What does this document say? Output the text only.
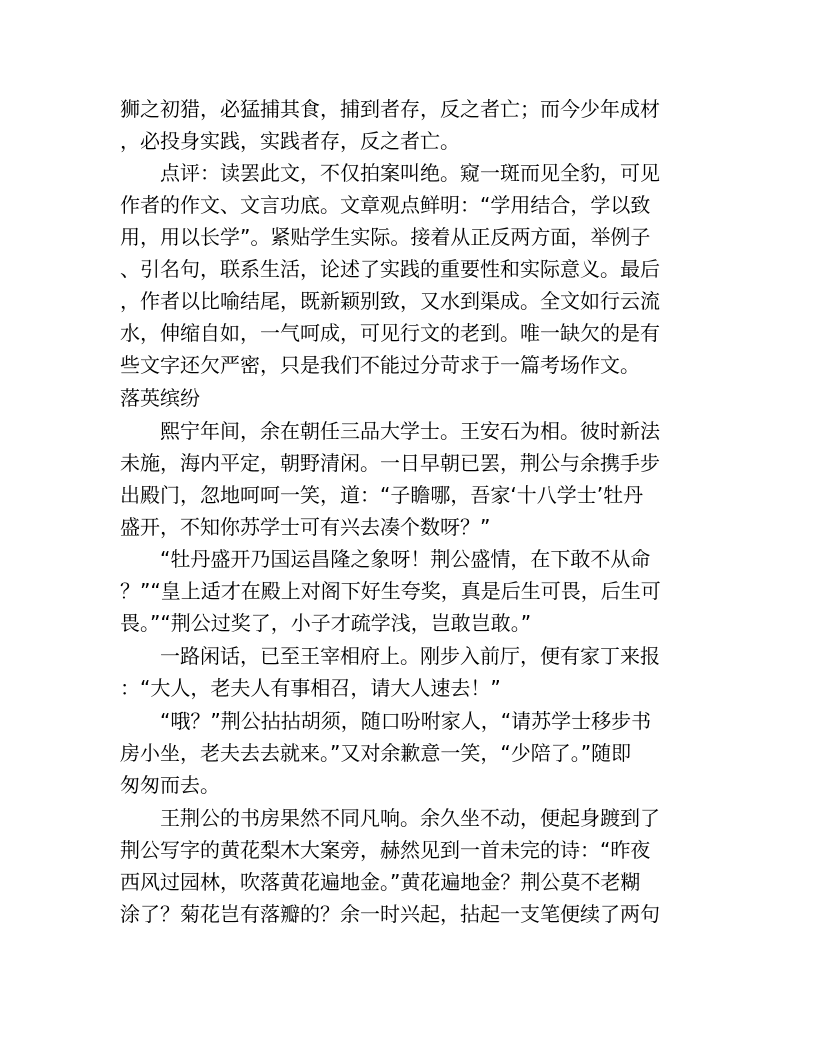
狮之初猎，必猛捕其食，捕到者存，反之者亡；而今少年成材
，必投身实践，实践者存，反之者亡。
点评：读罢此文，不仅拍案叫绝。窥一斑而见全豹，可见
作者的作文、文言功底。文章观点鲜明：“学用结合，学以致
用，用以长学”。紧贴学生实际。接着从正反两方面，举例子
、引名句，联系生活，论述了实践的重要性和实际意义。最后
，作者以比喻结尾，既新颖别致，又水到渠成。全文如行云流
水，伸缩自如，一气呵成，可见行文的老到。唯一缺欠的是有
些文字还欠严密，只是我们不能过分苛求于一篇考场作文。
落英缤纷
熙宁年间，余在朝任三品大学士。王安石为相。彼时新法
未施，海内平定，朝野清闲。一日早朝已罢，荆公与余携手步
出殿门，忽地呵呵一笑，道：“子瞻哪，吾家‘十八学士’牡丹
盛开，不知你苏学士可有兴去凑个数呀？”
“牡丹盛开乃国运昌隆之象呀！荆公盛情，在下敢不从命
？”“皇上适才在殿上对阁下好生夸奖，真是后生可畏，后生可
畏。”“荆公过奖了，小子才疏学浅，岂敢岂敢。”
一路闲话，已至王宰相府上。刚步入前厅，便有家丁来报
：“大人，老夫人有事相召，请大人速去！”
“哦？”荆公拈拈胡须，随口吩咐家人，“请苏学士移步书
房小坐，老夫去去就来。”又对余歉意一笑，“少陪了。”随即
匆匆而去。
王荆公的书房果然不同凡响。余久坐不动，便起身踱到了
荆公写字的黄花梨木大案旁，赫然见到一首未完的诗：“昨夜
西风过园林，吹落黄花遍地金。”黄花遍地金？荆公莫不老糊
涂了？菊花岂有落瓣的？余一时兴起，拈起一支笔便续了两句
